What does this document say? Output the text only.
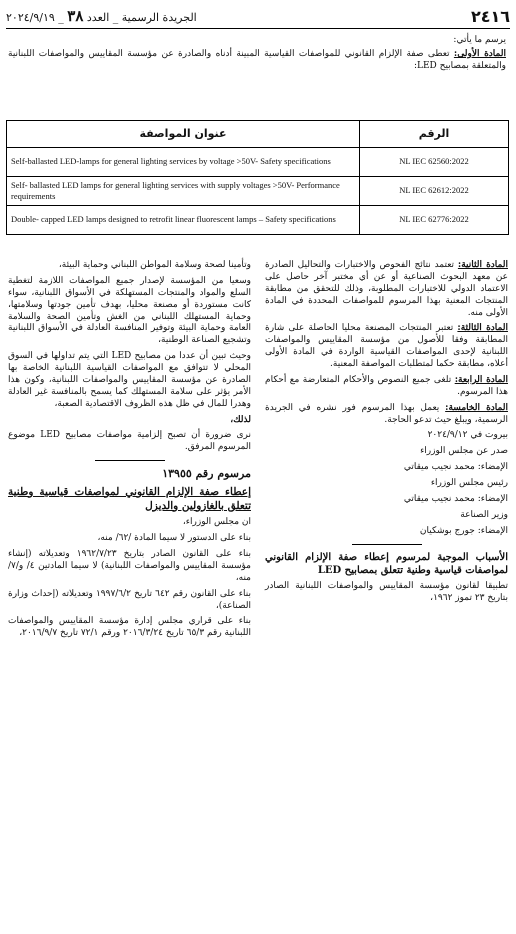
٢٤١٦
الجريدة الرسمية _ العدد ٣٨ _ ٢٠٢٤/٩/١٩

يرسم ما يأتي:

المادة الأولى: تعطى صفة الإلزام القانوني للمواصفات القياسية المبينة أدناه والصادرة عن مؤسسة المقاييس والمواصفات اللبنانية والمتعلقة بمصابيح LED:

الرقم	عنوان المواصفة
NL IEC 62560:2022	Self-ballasted LED-lamps for general lighting services by voltage >50V- Safety specifications
NL IEC 62612:2022	Self- ballasted LED lamps for general lighting services with supply voltages >50V- Performance requirements
NL IEC 62776:2022	Double- capped LED lamps designed to retrofit linear fluorescent lamps – Safety specifications

المادة الثانية: تعتمد نتائج الفحوص والاختبارات والتحاليل الصادرة عن معهد البحوث الصناعية أو عن أي مختبر آخر حاصل على الاعتماد الدولي للاختبارات المطلوبة، وذلك للتحقق من مطابقة المنتجات المعنية بهذا المرسوم للمواصفات المحددة في المادة الأولى منه.

المادة الثالثة: تعتبر المنتجات المصنعة محليا الحاصلة على شارة المطابقة وفقا للأصول من مؤسسة المقاييس والمواصفات اللبنانية لإحدى المواصفات القياسية الواردة في المادة الأولى أعلاه، مطابقة حكما لمتطلبات المواصفة المعنية.

المادة الرابعة: تلغى جميع النصوص والأحكام المتعارضة مع أحكام هذا المرسوم.

المادة الخامسة: يعمل بهذا المرسوم فور نشره في الجريدة الرسمية، ويبلغ حيث تدعو الحاجة.

بيروت في ٢٠٢٤/٩/١٢

صدر عن مجلس الوزراء

الإمضاء: محمد نجيب ميقاتي

رئيس مجلس الوزراء

الإمضاء: محمد نجيب ميقاتي

وزير الصناعة

الإمضاء: جورج بوشكيان

الأسباب الموجبة لمرسوم إعطاء صفة الإلزام القانوني لمواصفات قياسية وطنية تتعلق بمصابيح LED

تطبيقا لقانون مؤسسة المقاييس والمواصفات اللبنانية الصادر بتاريخ ٢٣ تموز ١٩٦٢،

وتأمينا لصحة وسلامة المواطن اللبناني وحماية البيئة،

وسعيا من المؤسسة لإصدار جميع المواصفات اللازمة لتغطية السلع والمواد والمنتجات المستهلكة في الأسواق اللبنانية، سواء كانت مستوردة أو مصنعة محليا، بهدف تأمين جودتها وسلامتها، وحماية المستهلك اللبناني من الغش وتأمين الصحة والسلامة العامة وحماية البيئة وتوفير المنافسة العادلة في الأسواق اللبنانية وتشجيع الصناعة الوطنية،

وحيث تبين أن عددا من مصابيح LED التي يتم تداولها في السوق المحلي لا تتوافق مع المواصفات القياسية اللبنانية الخاصة بها الصادرة عن مؤسسة المقاييس والمواصفات اللبنانية، وكون هذا الأمر يؤثر على سلامة المستهلك كما يسمح بالمنافسة غير العادلة وهدرا للمال في ظل هذه الظروف الاقتصادية الصعبة،

لذلك،

نرى ضرورة أن تصبح إلزامية مواصفات مصابيح LED موضوع المرسوم المرفق.

مرسوم رقم ١٣٩٥٥

إعطاء صفة الإلزام القانوني لمواصفات قياسية وطنية تتعلق بالغازولين والديزل

ان مجلس الوزراء،

بناء على الدستور لا سيما المادة /٦٢/ منه،

بناء على القانون الصادر بتاريخ ١٩٦٢/٧/٢٣ وتعديلاته (إنشاء مؤسسة المقاييس والمواصفات اللبنانية) لا سيما المادتين ٤/ و/٧/ منه،

بناء على القانون رقم ٦٤٢ تاريخ ١٩٩٧/٦/٢ وتعديلاته (إحداث وزارة الصناعة)،

بناء على قراري مجلس إدارة مؤسسة المقاييس والمواصفات اللبنانية رقم ٦٥/٣ تاريخ ٢٠١٦/٣/٢٤ ورقم ٧٢/١ تاريخ ٢٠١٦/٩/٧،
